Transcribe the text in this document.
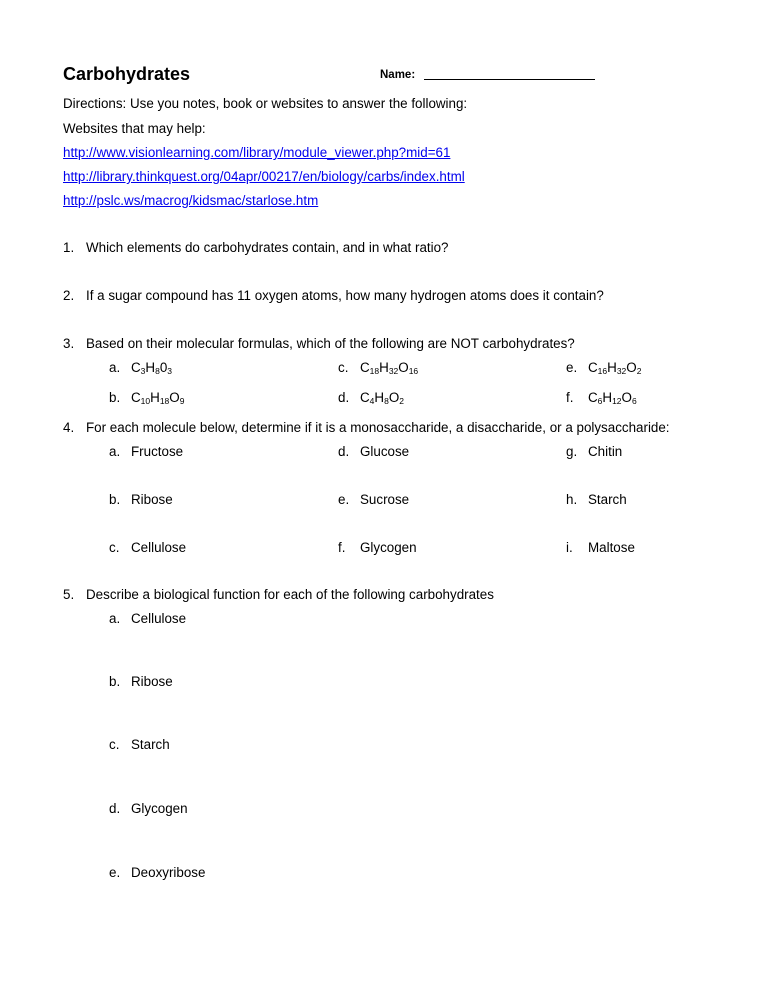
Carbohydrates	Name:
Directions: Use you notes, book or websites to answer the following:
Websites that may help:
http://www.visionlearning.com/library/module_viewer.php?mid=61
http://library.thinkquest.org/04apr/00217/en/biology/carbs/index.html
http://pslc.ws/macrog/kidsmac/starlose.htm
1. Which elements do carbohydrates contain, and in what ratio?
2. If a sugar compound has 11 oxygen atoms, how many hydrogen atoms does it contain?
3. Based on their molecular formulas, which of the following are NOT carbohydrates?
a. $C_3H_80_3$	c. $C_{18}H_{32}O_{16}$	e. $C_{16}H_{32}O_2$
b. $C_{10}H_{18}O_9$	d. $C_4H_8O_2$	f. $C_6H_{12}O_6$
4. For each molecule below, determine if it is a monosaccharide, a disaccharide, or a polysaccharide:
a. Fructose	d. Glucose	g. Chitin
b. Ribose	e. Sucrose	h. Starch
c. Cellulose	f. Glycogen	i. Maltose
5. Describe a biological function for each of the following carbohydrates
a. Cellulose
b. Ribose
c. Starch
d. Glycogen
e. Deoxyribose
